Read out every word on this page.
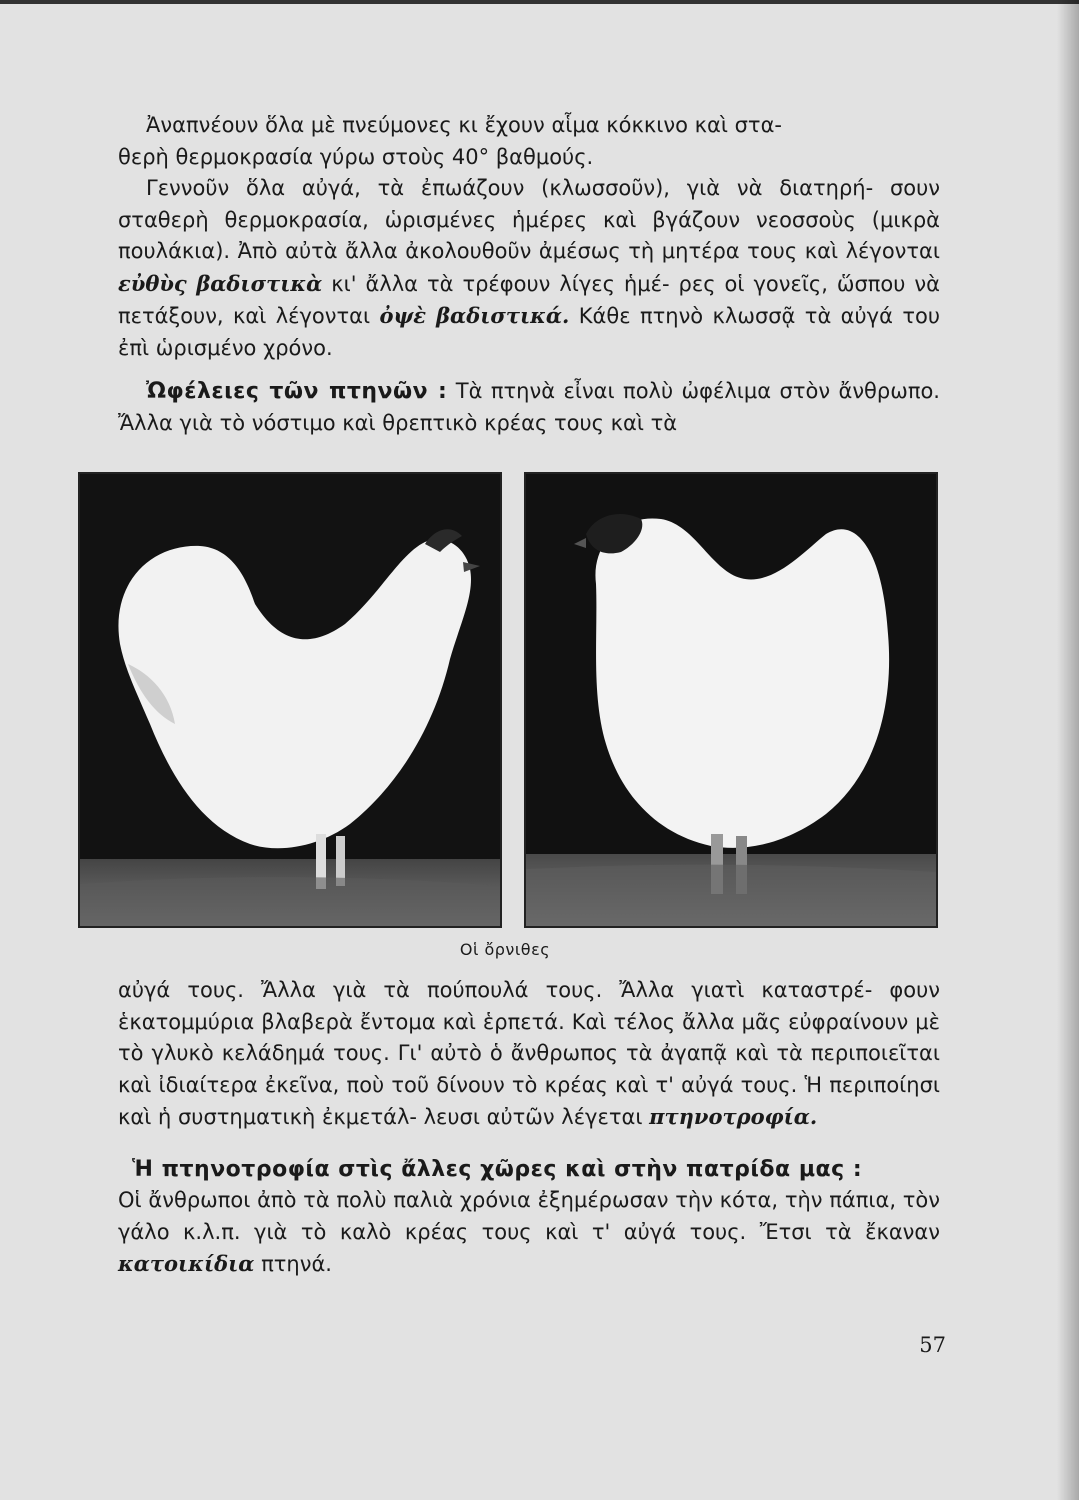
Ἀναπνέουν ὅλα μὲ πνεύμονες κι ἔχουν αἷμα κόκκινο καὶ στα-
θερὴ θερμοκρασία γύρω στοὺς 40° βαθμούς.

Γεννοῦν ὅλα αὐγά, τὰ ἐπωάζουν (κλωσσοῦν), γιὰ νὰ διατηρή- σουν σταθερὴ θερμοκρασία, ὡρισμένες ἡμέρες καὶ βγάζουν νεοσσοὺς (μικρὰ πουλάκια). Ἀπὸ αὐτὰ ἄλλα ἀκολουθοῦν ἀμέσως τὴ μητέρα τους καὶ λέγονται εὐθὺς βαδιστικὰ κι' ἄλλα τὰ τρέφουν λίγες ἡμέ- ρες οἱ γονεῖς, ὥσπου νὰ πετάξουν, καὶ λέγονται ὀψὲ βαδιστικά. Κάθε πτηνὸ κλωσσᾷ τὰ αὐγά του ἐπὶ ὡρισμένο χρόνο.

Ὠφέλειες τῶν πτηνῶν : Τὰ πτηνὰ εἶναι πολὺ ὠφέλιμα στὸν ἄνθρωπο. Ἄλλα γιὰ τὸ νόστιμο καὶ θρεπτικὸ κρέας τους καὶ τὰ

Οἱ ὄρνιθες

αὐγά τους. Ἄλλα γιὰ τὰ πούπουλά τους. Ἄλλα γιατὶ καταστρέ- φουν ἑκατομμύρια βλαβερὰ ἔντομα καὶ ἑρπετά. Καὶ τέλος ἄλλα μᾶς εὐφραίνουν μὲ τὸ γλυκὸ κελάδημά τους. Γι' αὐτὸ ὁ ἄνθρωπος τὰ ἀγαπᾷ καὶ τὰ περιποιεῖται καὶ ἰδιαίτερα ἐκεῖνα, ποὺ τοῦ δίνουν τὸ κρέας καὶ τ' αὐγά τους. Ἡ περιποίησι καὶ ἡ συστηματικὴ ἐκμετάλ- λευσι αὐτῶν λέγεται πτηνοτροφία.

Ἡ πτηνοτροφία στὶς ἄλλες χῶρες καὶ στὴν πατρίδα μας :
Οἱ ἄνθρωποι ἀπὸ τὰ πολὺ παλιὰ χρόνια ἐξημέρωσαν τὴν κότα, τὴν πάπια, τὸν γάλο κ.λ.π. γιὰ τὸ καλὸ κρέας τους καὶ τ' αὐγά τους. Ἔτσι τὰ ἔκαναν κατοικίδια πτηνά.

57
